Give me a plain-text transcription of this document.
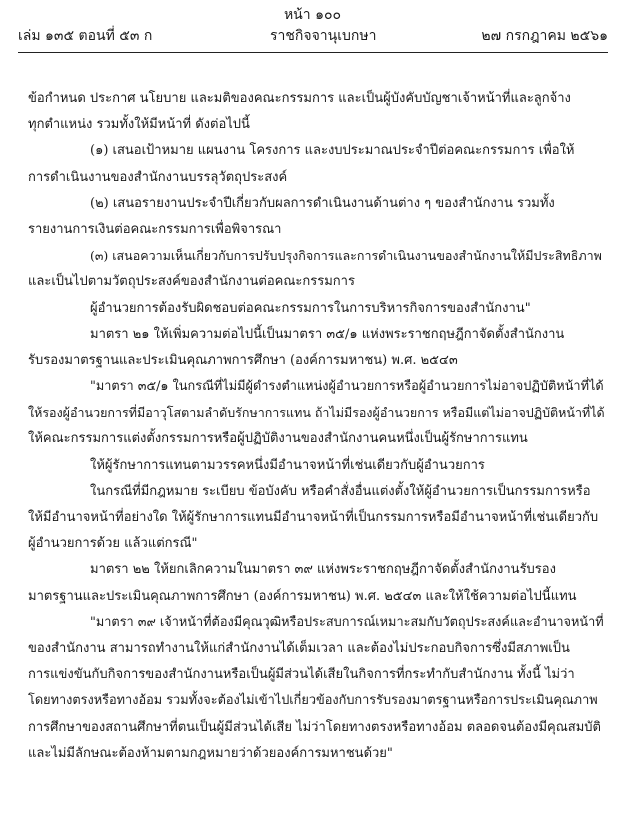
หน้า ๑๐๐
เล่ม ๑๓๕ ตอนที่ ๕๓ ก	ราชกิจจานุเบกษา	๒๗ กรกฎาคม ๒๕๖๑
ข้อกำหนด ประกาศ นโยบาย และมติของคณะกรรมการ และเป็นผู้บังคับบัญชาเจ้าหน้าที่และลูกจ้าง
ทุกตำแหน่ง รวมทั้งให้มีหน้าที่ ดังต่อไปนี้
(๑) เสนอเป้าหมาย แผนงาน โครงการ และงบประมาณประจำปีต่อคณะกรรมการ เพื่อให้
การดำเนินงานของสำนักงานบรรลุวัตถุประสงค์
(๒) เสนอรายงานประจำปีเกี่ยวกับผลการดำเนินงานด้านต่าง ๆ ของสำนักงาน รวมทั้ง
รายงานการเงินต่อคณะกรรมการเพื่อพิจารณา
(๓) เสนอความเห็นเกี่ยวกับการปรับปรุงกิจการและการดำเนินงานของสำนักงานให้มีประสิทธิภาพ
และเป็นไปตามวัตถุประสงค์ของสำนักงานต่อคณะกรรมการ
ผู้อำนวยการต้องรับผิดชอบต่อคณะกรรมการในการบริหารกิจการของสำนักงาน"
มาตรา ๒๑ ให้เพิ่มความต่อไปนี้เป็นมาตรา ๓๕/๑ แห่งพระราชกฤษฎีกาจัดตั้งสำนักงาน
รับรองมาตรฐานและประเมินคุณภาพการศึกษา (องค์การมหาชน) พ.ศ. ๒๕๔๓
"มาตรา ๓๕/๑ ในกรณีที่ไม่มีผู้ดำรงตำแหน่งผู้อำนวยการหรือผู้อำนวยการไม่อาจปฏิบัติหน้าที่ได้
ให้รองผู้อำนวยการที่มีอาวุโสตามลำดับรักษาการแทน ถ้าไม่มีรองผู้อำนวยการ หรือมีแต่ไม่อาจปฏิบัติหน้าที่ได้
ให้คณะกรรมการแต่งตั้งกรรมการหรือผู้ปฏิบัติงานของสำนักงานคนหนึ่งเป็นผู้รักษาการแทน
ให้ผู้รักษาการแทนตามวรรคหนึ่งมีอำนาจหน้าที่เช่นเดียวกับผู้อำนวยการ
ในกรณีที่มีกฎหมาย ระเบียบ ข้อบังคับ หรือคำสั่งอื่นแต่งตั้งให้ผู้อำนวยการเป็นกรรมการหรือ
ให้มีอำนาจหน้าที่อย่างใด ให้ผู้รักษาการแทนมีอำนาจหน้าที่เป็นกรรมการหรือมีอำนาจหน้าที่เช่นเดียวกับ
ผู้อำนวยการด้วย แล้วแต่กรณี"
มาตรา ๒๒ ให้ยกเลิกความในมาตรา ๓๙ แห่งพระราชกฤษฎีกาจัดตั้งสำนักงานรับรอง
มาตรฐานและประเมินคุณภาพการศึกษา (องค์การมหาชน) พ.ศ. ๒๕๔๓ และให้ใช้ความต่อไปนี้แทน
"มาตรา ๓๙ เจ้าหน้าที่ต้องมีคุณวุฒิหรือประสบการณ์เหมาะสมกับวัตถุประสงค์และอำนาจหน้าที่
ของสำนักงาน สามารถทำงานให้แก่สำนักงานได้เต็มเวลา และต้องไม่ประกอบกิจการซึ่งมีสภาพเป็น
การแข่งขันกับกิจการของสำนักงานหรือเป็นผู้มีส่วนได้เสียในกิจการที่กระทำกับสำนักงาน ทั้งนี้ ไม่ว่า
โดยทางตรงหรือทางอ้อม รวมทั้งจะต้องไม่เข้าไปเกี่ยวข้องกับการรับรองมาตรฐานหรือการประเมินคุณภาพ
การศึกษาของสถานศึกษาที่ตนเป็นผู้มีส่วนได้เสีย ไม่ว่าโดยทางตรงหรือทางอ้อม ตลอดจนต้องมีคุณสมบัติ
และไม่มีลักษณะต้องห้ามตามกฎหมายว่าด้วยองค์การมหาชนด้วย"
